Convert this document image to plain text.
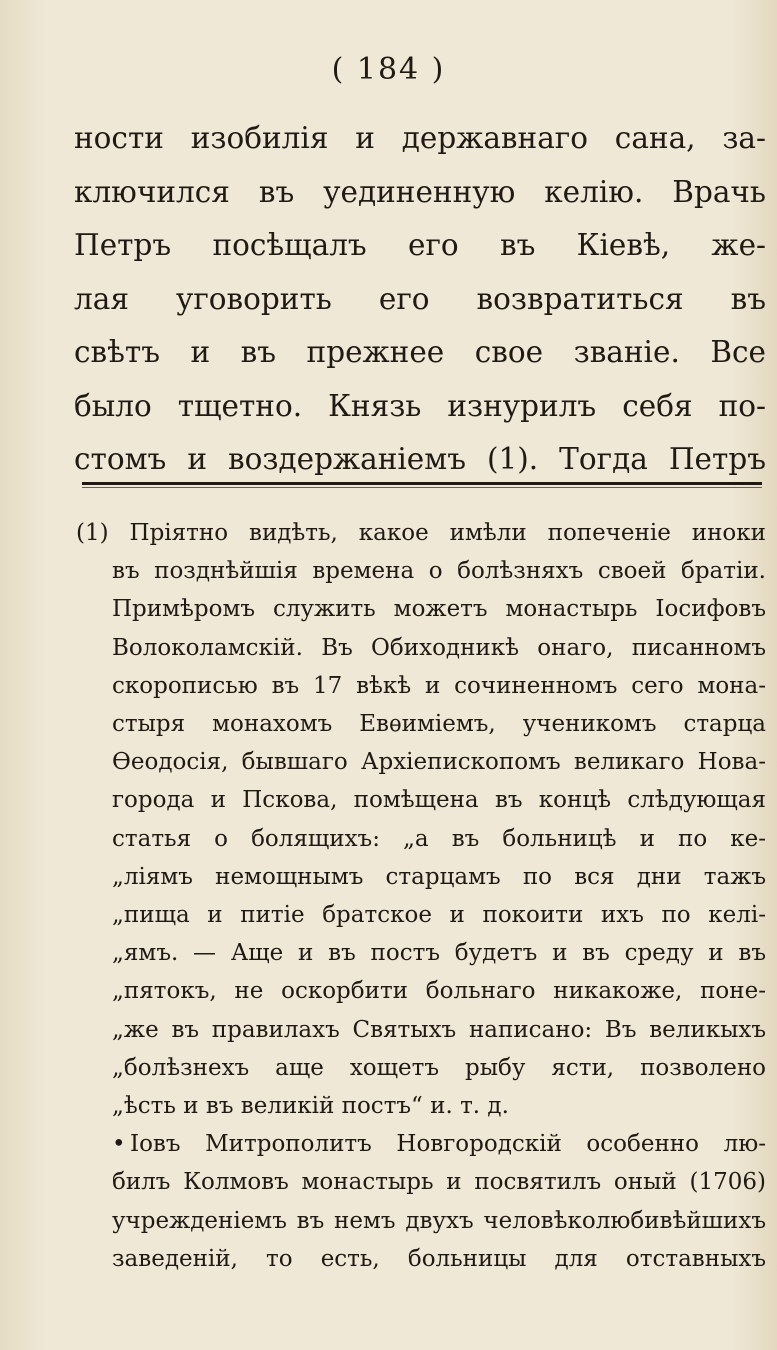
( 184 )
ности изобилія и державнаго сана, за-
ключился въ уединенную келію. Врачь
Петръ посѣщалъ его въ Кіевѣ, же-
лая уговорить его возвратиться въ
свѣтъ и въ прежнее свое званіе. Все
было тщетно. Князь изнурилъ себя по-
стомъ и воздержаніемъ (1). Тогда Петръ
(1) Пріятно видѣть, какое имѣли попеченіе иноки
въ позднѣйшія времена о болѣзняхъ своей братіи.
Примѣромъ служить можетъ монастырь Іосифовъ
Волоколамскій. Въ Обиходникѣ онаго, писанномъ
скорописью въ 17 вѣкѣ и сочиненномъ сего мона-
стыря монахомъ Евѳиміемъ, ученикомъ старца
Ѳеодосія, бывшаго Архіепископомъ великаго Нова-
города и Пскова, помѣщена въ концѣ слѣдующая
статья о болящихъ: „а въ больницѣ и по ке-
„ліямъ немощнымъ старцамъ по вся дни тажъ
„пища и питіе братское и покоити ихъ по келі-
„ямъ. — Аще и въ постъ будетъ и въ среду и въ
„пятокъ, не оскорбити больнаго никакоже, поне-
„же въ правилахъ Святыхъ написано: Въ великыхъ
„болѣзнехъ аще хощетъ рыбу ясти, позволено
„ѣсть и въ великій постъ“ и. т. д.
• Іовъ Митрополитъ Новгородскій особенно лю-
билъ Колмовъ монастырь и посвятилъ оный (1706)
учрежденіемъ въ немъ двухъ человѣколюбивѣйшихъ
заведеній, то есть, больницы для отставныхъ
